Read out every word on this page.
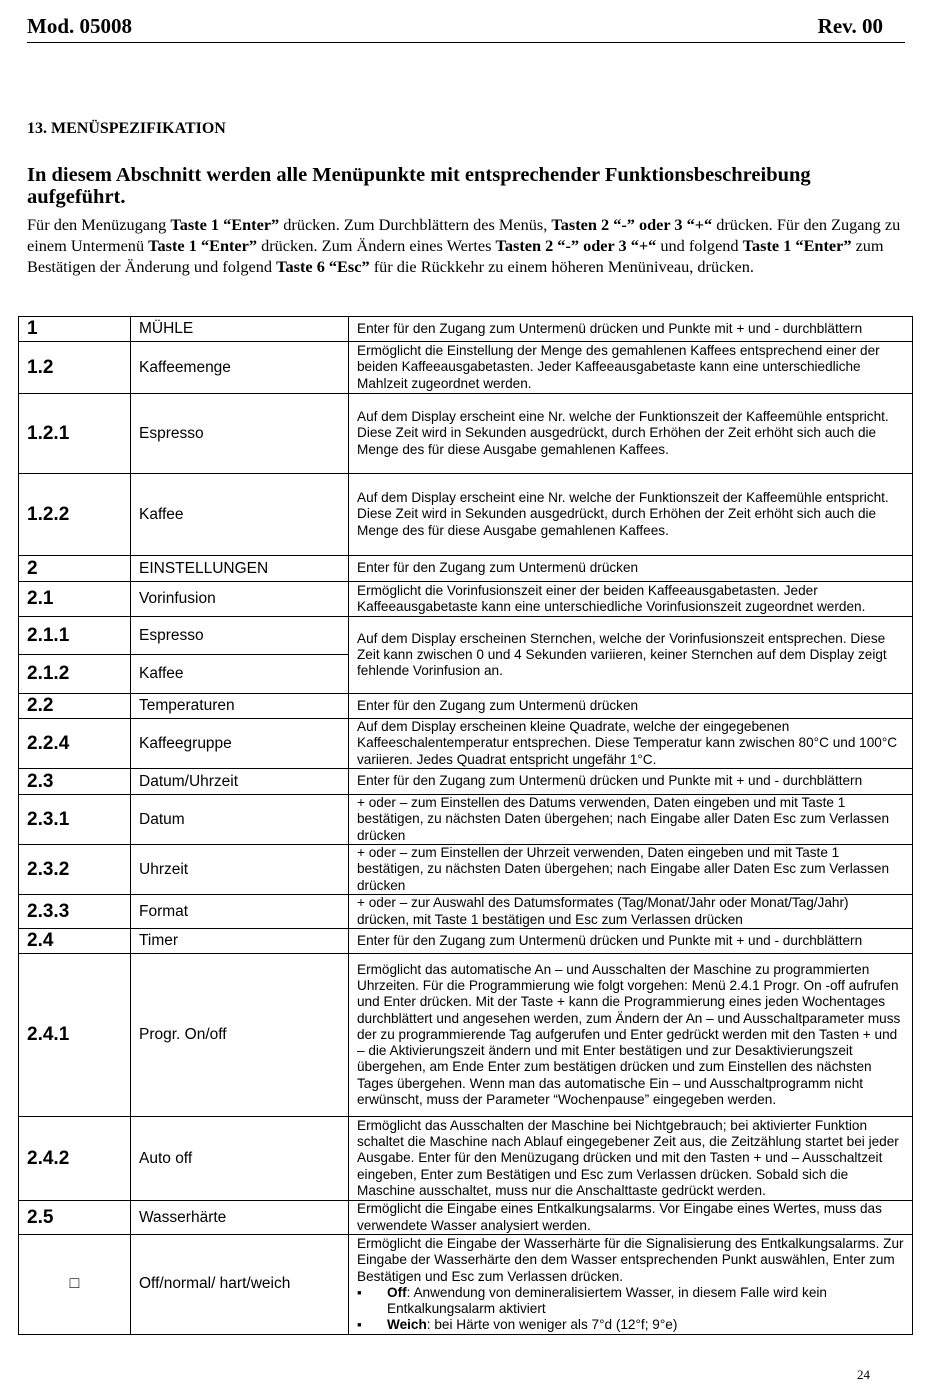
Mod. 05008	Rev. 00
13. MENÜSPEZIFIKATION
In diesem Abschnitt werden alle Menüpunkte mit entsprechender Funktionsbeschreibung aufgeführt.
Für den Menüzugang Taste 1 “Enter” drücken. Zum Durchblättern des Menüs, Tasten 2 “-” oder 3 “+“ drücken. Für den Zugang zu einem Untermenü Taste 1 “Enter” drücken. Zum Ändern eines Wertes Tasten 2 “-” oder 3 “+“ und folgend Taste 1 “Enter” zum Bestätigen der Änderung und folgend Taste 6 “Esc” für die Rückkehr zu einem höheren Menüniveau, drücken.
1	MÜHLE	Enter für den Zugang zum Untermenü drücken und Punkte mit + und - durchblättern
1.2	Kaffeemenge	Ermöglicht die Einstellung der Menge des gemahlenen Kaffees entsprechend einer der beiden Kaffeeausgabetasten. Jeder Kaffeeausgabetaste kann eine unterschiedliche Mahlzeit zugeordnet werden.
1.2.1	Espresso	Auf dem Display erscheint eine Nr. welche der Funktionszeit der Kaffeemühle entspricht. Diese Zeit wird in Sekunden ausgedrückt, durch Erhöhen der Zeit erhöht sich auch die Menge des für diese Ausgabe gemahlenen Kaffees.
1.2.2	Kaffee	Auf dem Display erscheint eine Nr. welche der Funktionszeit der Kaffeemühle entspricht. Diese Zeit wird in Sekunden ausgedrückt, durch Erhöhen der Zeit erhöht sich auch die Menge des für diese Ausgabe gemahlenen Kaffees.
2	EINSTELLUNGEN	Enter für den Zugang zum Untermenü drücken
2.1	Vorinfusion	Ermöglicht die Vorinfusionszeit einer der beiden Kaffeeausgabetasten. Jeder Kaffeeausgabetaste kann eine unterschiedliche Vorinfusionszeit zugeordnet werden.
2.1.1	Espresso	Auf dem Display erscheinen Sternchen, welche der Vorinfusionszeit entsprechen. Diese Zeit kann zwischen 0 und 4 Sekunden variieren, keiner Sternchen auf dem Display zeigt fehlende Vorinfusion an.
2.1.2	Kaffee	
2.2	Temperaturen	Enter für den Zugang zum Untermenü drücken
2.2.4	Kaffeegruppe	Auf dem Display erscheinen kleine Quadrate, welche der eingegebenen Kaffeeschalentemperatur entsprechen. Diese Temperatur kann zwischen 80°C und 100°C variieren. Jedes Quadrat entspricht ungefähr 1°C.
2.3	Datum/Uhrzeit	Enter für den Zugang zum Untermenü drücken und Punkte mit + und - durchblättern
2.3.1	Datum	+ oder – zum Einstellen des Datums verwenden, Daten eingeben und mit Taste 1 bestätigen, zu nächsten Daten übergehen; nach Eingabe aller Daten Esc zum Verlassen drücken
2.3.2	Uhrzeit	+ oder – zum Einstellen der Uhrzeit verwenden, Daten eingeben und mit Taste 1 bestätigen, zu nächsten Daten übergehen; nach Eingabe aller Daten Esc zum Verlassen drücken
2.3.3	Format	+ oder – zur Auswahl des Datumsformates (Tag/Monat/Jahr oder Monat/Tag/Jahr) drücken, mit Taste 1 bestätigen und Esc zum Verlassen drücken
2.4	Timer	Enter für den Zugang zum Untermenü drücken und Punkte mit + und - durchblättern
2.4.1	Progr. On/off	Ermöglicht das automatische An – und Ausschalten der Maschine zu programmierten Uhrzeiten. Für die Programmierung wie folgt vorgehen: Menü 2.4.1 Progr. On -off aufrufen und Enter drücken. Mit der Taste + kann die Programmierung eines jeden Wochentages durchblättert und angesehen werden, zum Ändern der An – und Ausschaltparameter muss der zu programmierende Tag aufgerufen und Enter gedrückt werden mit den Tasten + und – die Aktivierungszeit ändern und mit Enter bestätigen und zur Desaktivierungszeit übergehen, am Ende Enter zum bestätigen drücken und zum Einstellen des nächsten Tages übergehen. Wenn man das automatische Ein – und Ausschaltprogramm nicht erwünscht, muss der Parameter “Wochenpause” eingegeben werden.
2.4.2	Auto off	Ermöglicht das Ausschalten der Maschine bei Nichtgebrauch; bei aktivierter Funktion schaltet die Maschine nach Ablauf eingegebener Zeit aus, die Zeitzählung startet bei jeder Ausgabe. Enter für den Menüzugang drücken und mit den Tasten + und – Ausschaltzeit eingeben, Enter zum Bestätigen und Esc zum Verlassen drücken. Sobald sich die Maschine ausschaltet, muss nur die Anschalttaste gedrückt werden.
2.5	Wasserhärte	Ermöglicht die Eingabe eines Entkalkungsalarms. Vor Eingabe eines Wertes, muss das verwendete Wasser analysiert werden.
□	Off/normal/ hart/weich	Ermöglicht die Eingabe der Wasserhärte für die Signalisierung des Entkalkungsalarms. Zur Eingabe der Wasserhärte den dem Wasser entsprechenden Punkt auswählen, Enter zum Bestätigen und Esc zum Verlassen drücken.
▪ Off: Anwendung von demineralisiertem Wasser, in diesem Falle wird kein Entkalkungsalarm aktiviert
▪ Weich: bei Härte von weniger als 7°d (12°f; 9°e)
24
